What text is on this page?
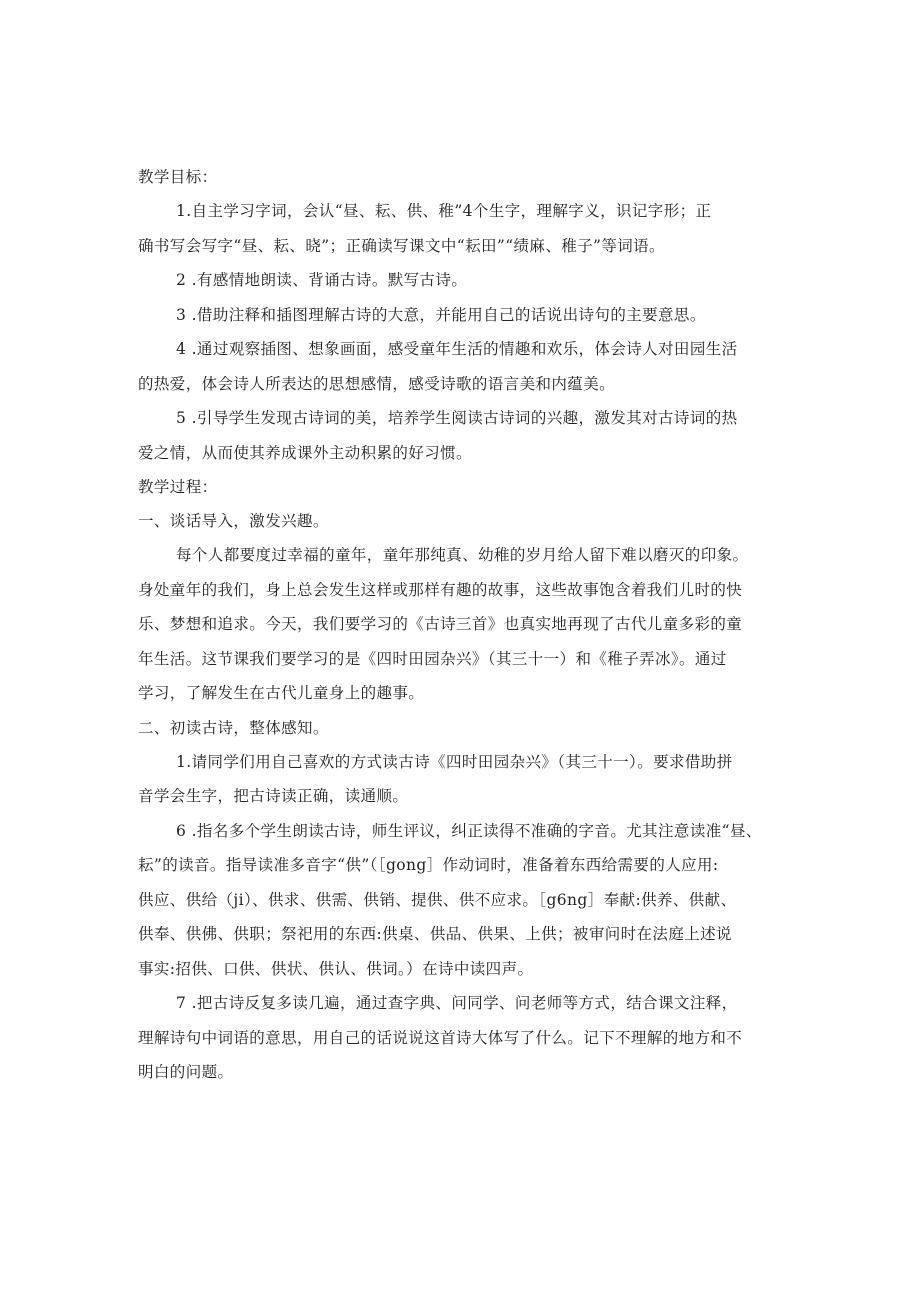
教学目标：

1.自主学习字词，会认“昼、耘、供、稚”4个生字，理解字义，识记字形；正
确书写会写字“昼、耘、晓”；正确读写课文中“耘田”“绩麻、稚子”等词语。
2 .有感情地朗读、背诵古诗。默写古诗。
3 .借助注释和插图理解古诗的大意，并能用自己的话说出诗句的主要意思。
4 .通过观察插图、想象画面，感受童年生活的情趣和欢乐，体会诗人对田园生活
的热爱，体会诗人所表达的思想感情，感受诗歌的语言美和内蕴美。
5 .引导学生发现古诗词的美，培养学生阅读古诗词的兴趣，激发其对古诗词的热
爱之情，从而使其养成课外主动积累的好习惯。

教学过程：

一、谈话导入，激发兴趣。

每个人都要度过幸福的童年，童年那纯真、幼稚的岁月给人留下难以磨灭的印象。
身处童年的我们，身上总会发生这样或那样有趣的故事，这些故事饱含着我们儿时的快
乐、梦想和追求。今天，我们要学习的《古诗三首》也真实地再现了古代儿童多彩的童
年生活。这节课我们要学习的是《四时田园杂兴》（其三十一）和《稚子弄冰》。通过
学习，了解发生在古代儿童身上的趣事。

二、初读古诗，整体感知。

1.请同学们用自己喜欢的方式读古诗《四时田园杂兴》（其三十一）。要求借助拼
音学会生字，把古诗读正确，读通顺。
6 .指名多个学生朗读古诗，师生评议，纠正读得不准确的字音。尤其注意读准“昼、
耘”的读音。指导读准多音字“供”（［gong］作动词时，准备着东西给需要的人应用:
供应、供给（ji）、供求、供需、供销、提供、供不应求。［g6ng］奉献:供养、供献、
供奉、供佛、供职；祭祀用的东西:供桌、供品、供果、上供；被审问时在法庭上述说
事实:招供、口供、供状、供认、供词。）在诗中读四声。
7 .把古诗反复多读几遍，通过查字典、问同学、问老师等方式，结合课文注释，
理解诗句中词语的意思，用自己的话说说这首诗大体写了什么。记下不理解的地方和不
明白的问题。
